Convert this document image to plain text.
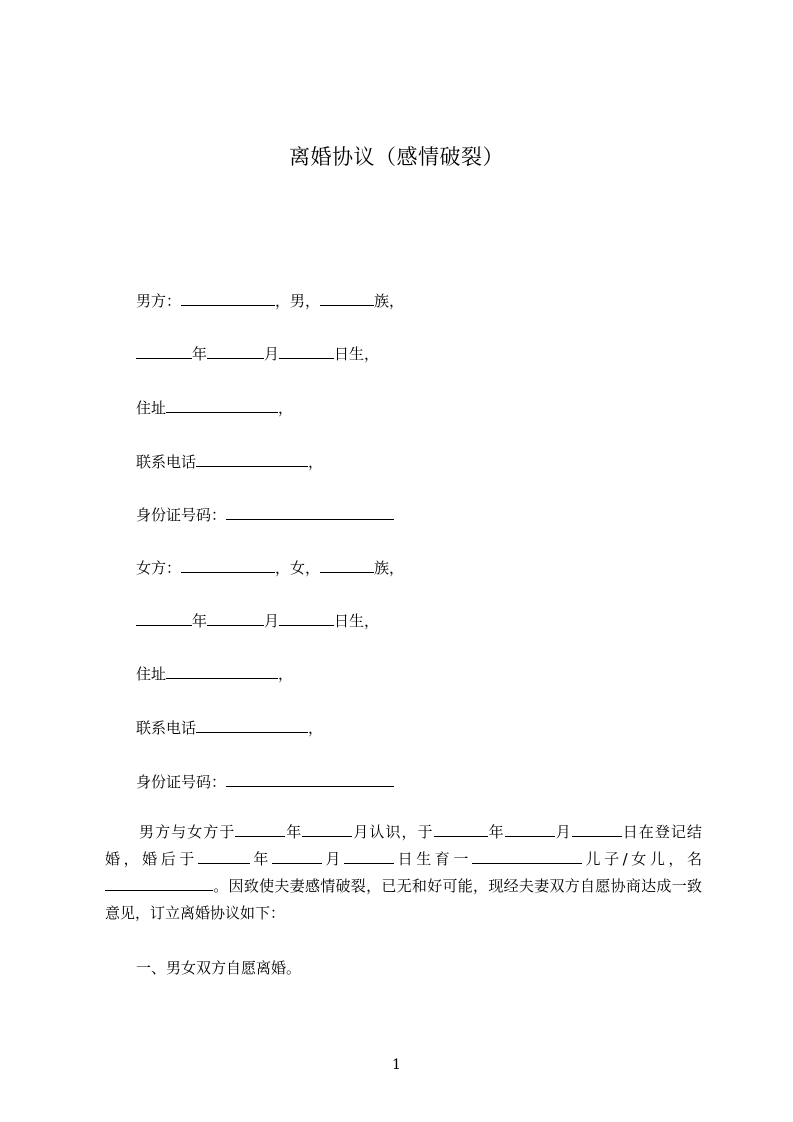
离婚协议（感情破裂）
男方：	，男，	族，
年	月	日生，
住址	，
联系电话	，
身份证号码：
女方：	，女，	族，
年	月	日生，
住址	，
联系电话	，
身份证号码：
男方与女方于	年	月认识，于	年	月	日在登记结婚，婚后于	年	月	日生育一	儿子/女儿，名。因致使夫妻感情破裂，已无和好可能，现经夫妻双方自愿协商达成一致意见，订立离婚协议如下：
一、男女双方自愿离婚。
1
